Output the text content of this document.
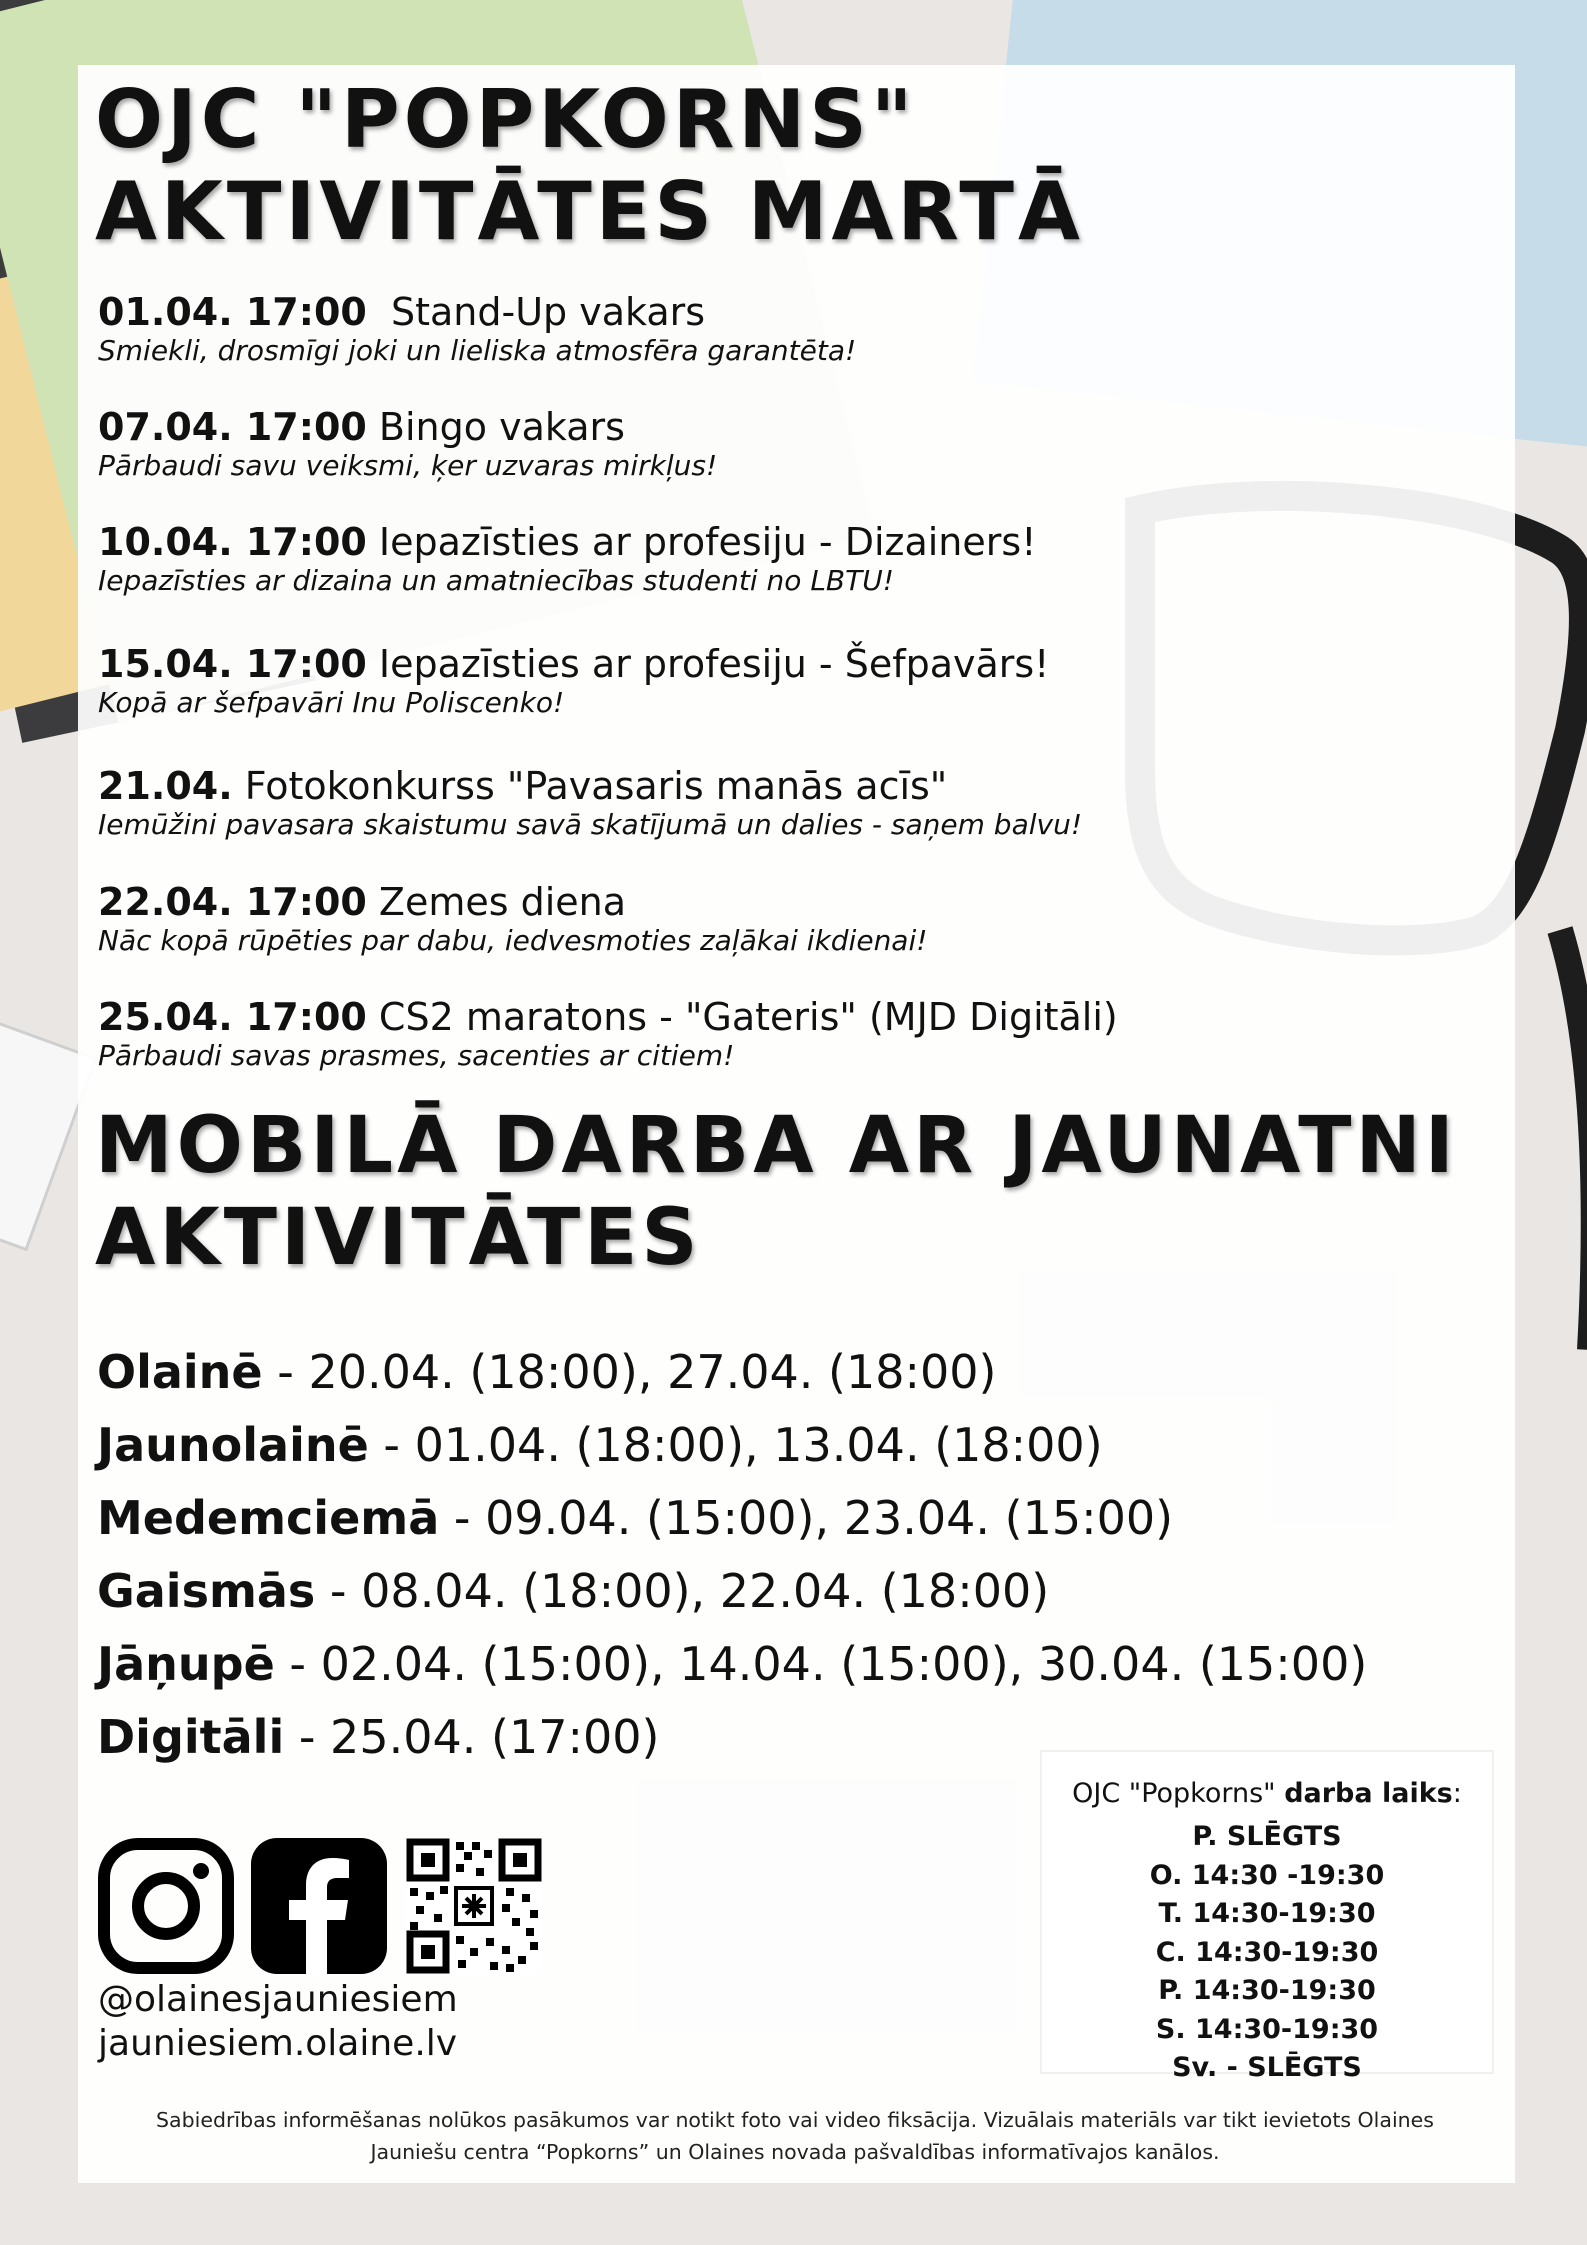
OJC "POPKORNS"
AKTIVITĀTES MARTĀ
01.04. 17:00 Stand-Up vakars
Smiekli, drosmīgi joki un lieliska atmosfēra garantēta!
07.04. 17:00 Bingo vakars
Pārbaudi savu veiksmi, ķer uzvaras mirkļus!
10.04. 17:00 Iepazīsties ar profesiju - Dizainers!
Iepazīsties ar dizaina un amatniecības studenti no LBTU!
15.04. 17:00 Iepazīsties ar profesiju - Šefpavārs!
Kopā ar šefpavāri Inu Poliscenko!
21.04. Fotokonkurss "Pavasaris manās acīs"
Iemūžini pavasara skaistumu savā skatījumā un dalies - saņem balvu!
22.04. 17:00 Zemes diena
Nāc kopā rūpēties par dabu, iedvesmoties zaļākai ikdienai!
25.04. 17:00 CS2 maratons - "Gateris" (MJD Digitāli)
Pārbaudi savas prasmes, sacenties ar citiem!
MOBILĀ DARBA AR JAUNATNI
AKTIVITĀTES
Olainē - 20.04. (18:00), 27.04. (18:00)
Jaunolainē - 01.04. (18:00), 13.04. (18:00)
Medemciemā - 09.04. (15:00), 23.04. (15:00)
Gaismās - 08.04. (18:00), 22.04. (18:00)
Jāņupē - 02.04. (15:00), 14.04. (15:00), 30.04. (15:00)
Digitāli - 25.04. (17:00)
@olainesjauniesiem
jauniesiem.olaine.lv
OJC "Popkorns" darba laiks:
P. SLĒGTS
O. 14:30 -19:30
T. 14:30-19:30
C. 14:30-19:30
P. 14:30-19:30
S. 14:30-19:30
Sv. - SLĒGTS
Sabiedrības informēšanas nolūkos pasākumos var notikt foto vai video fiksācija. Vizuālais materiāls var tikt ievietots Olaines
Jauniešu centra “Popkorns” un Olaines novada pašvaldības informatīvajos kanālos.
